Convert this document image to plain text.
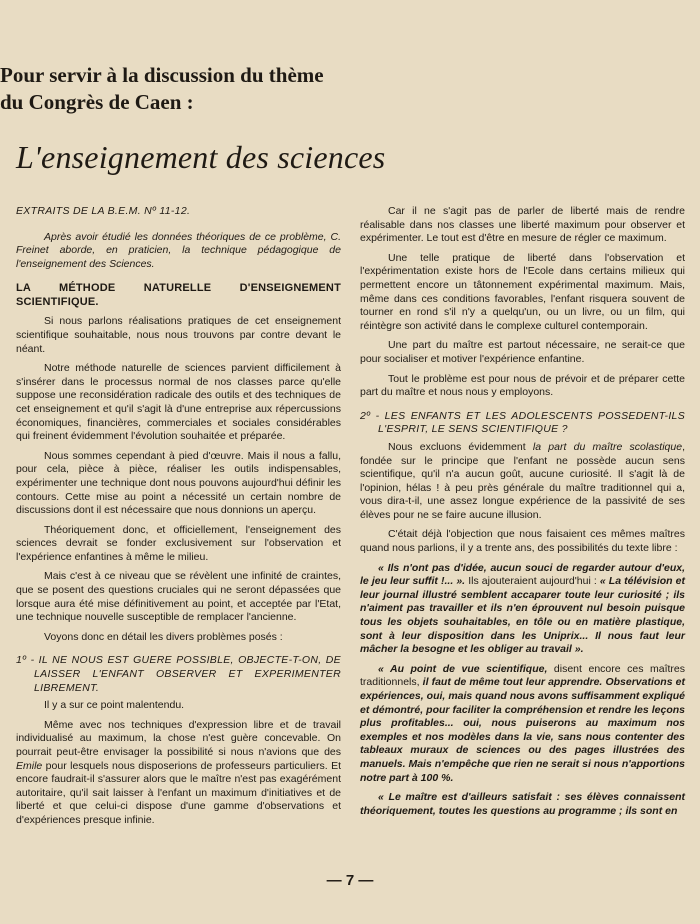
Pour servir à la discussion du thème

du Congrès de Caen :

L'enseignement des sciences

EXTRAITS DE LA B.E.M. Nº 11-12.

Après avoir étudié les données théoriques de ce problème, C. Freinet aborde, en praticien, la technique pédagogique de l'enseignement des Sciences.

LA MÉTHODE NATURELLE D'ENSEIGNEMENT SCIENTIFIQUE.

Si nous parlons réalisations pratiques de cet enseignement scientifique souhaitable, nous nous trouvons par contre devant le néant.

Notre méthode naturelle de sciences parvient difficilement à s'insérer dans le processus normal de nos classes parce qu'elle suppose une reconsidération radicale des outils et des techniques de cet enseignement et qu'il s'agit là d'une entreprise aux répercussions économiques, financières, commerciales et sociales considérables qui freinent évidemment l'évolution souhaitée et préparée.

Nous sommes cependant à pied d'œuvre. Mais il nous a fallu, pour cela, pièce à pièce, réaliser les outils indispensables, expérimenter une technique dont nous pouvons aujourd'hui définir les contours. Cette mise au point a nécessité un certain nombre de discussions dont il est nécessaire que nous donnions un aperçu.

Théoriquement donc, et officiellement, l'enseignement des sciences devrait se fonder exclusivement sur l'observation et l'expérience enfantines à même le milieu.

Mais c'est à ce niveau que se révèlent une infinité de craintes, que se posent des questions cruciales qui ne seront dépassées que lorsque aura été mise définitivement au point, et acceptée par l'Etat, une technique nouvelle susceptible de remplacer l'ancienne.

Voyons donc en détail les divers problèmes posés :

1º - IL NE NOUS EST GUERE POSSIBLE, OBJECTE-T-ON, DE LAISSER L'ENFANT OBSERVER ET EXPERIMENTER LIBREMENT.

Il y a sur ce point malentendu.

Même avec nos techniques d'expression libre et de travail individualisé au maximum, la chose n'est guère concevable. On pourrait peut-être envisager la possibilité si nous n'avions que des Emile pour lesquels nous disposerions de professeurs particuliers. Et encore faudrait-il s'assurer alors que le maître n'est pas exagérément autoritaire, qu'il sait laisser à l'enfant un maximum d'initiatives et de liberté et que celui-ci dispose d'une gamme d'observations et d'expériences presque infinie.

Car il ne s'agit pas de parler de liberté mais de rendre réalisable dans nos classes une liberté maximum pour observer et expérimenter. Le tout est d'être en mesure de régler ce maximum.

Une telle pratique de liberté dans l'observation et l'expérimentation existe hors de l'Ecole dans certains milieux qui permettent encore un tâtonnement expérimental maximum. Mais, même dans ces conditions favorables, l'enfant risquera souvent de tourner en rond s'il n'y a quelqu'un, ou un livre, ou un film, qui réintègre son activité dans le complexe culturel contemporain.

Une part du maître est partout nécessaire, ne serait-ce que pour socialiser et motiver l'expérience enfantine.

Tout le problème est pour nous de prévoir et de préparer cette part du maître et nous nous y employons.

2º - LES ENFANTS ET LES ADOLESCENTS POSSEDENT-ILS L'ESPRIT, LE SENS SCIENTIFIQUE ?

Nous excluons évidemment la part du maître scolastique, fondée sur le principe que l'enfant ne possède aucun sens scientifique, qu'il n'a aucun goût, aucune curiosité. Il s'agit là de l'opinion, hélas ! à peu près générale du maître traditionnel qui a, vous dira-t-il, une assez longue expérience de la passivité de ses élèves pour ne se faire aucune illusion.

C'était déjà l'objection que nous faisaient ces mêmes maîtres quand nous parlions, il y a trente ans, des possibilités du texte libre :

« Ils n'ont pas d'idée, aucun souci de regarder autour d'eux, le jeu leur suffit !... ». Ils ajouteraient aujourd'hui : « La télévision et leur journal illustré semblent accaparer toute leur curiosité ; ils n'aiment pas travailler et ils n'en éprouvent nul besoin puisque tous les objets souhaitables, en tôle ou en matière plastique, sont à leur disposition dans les Uniprix... Il nous faut leur mâcher la besogne et les obliger au travail ».

« Au point de vue scientifique, disent encore ces maîtres traditionnels, il faut de même tout leur apprendre. Observations et expériences, oui, mais quand nous avons suffisamment expliqué et démontré, pour faciliter la compréhension et rendre les leçons plus profitables... oui, nous puiserons au maximum nos exemples et nos modèles dans la vie, sans nous contenter des tableaux muraux de sciences ou des pages illustrées des manuels. Mais n'empêche que rien ne serait si nous n'apportions notre part à 100 %.

« Le maître est d'ailleurs satisfait : ses élèves connaissent théoriquement, toutes les questions au programme ; ils sont en

— 7 —
